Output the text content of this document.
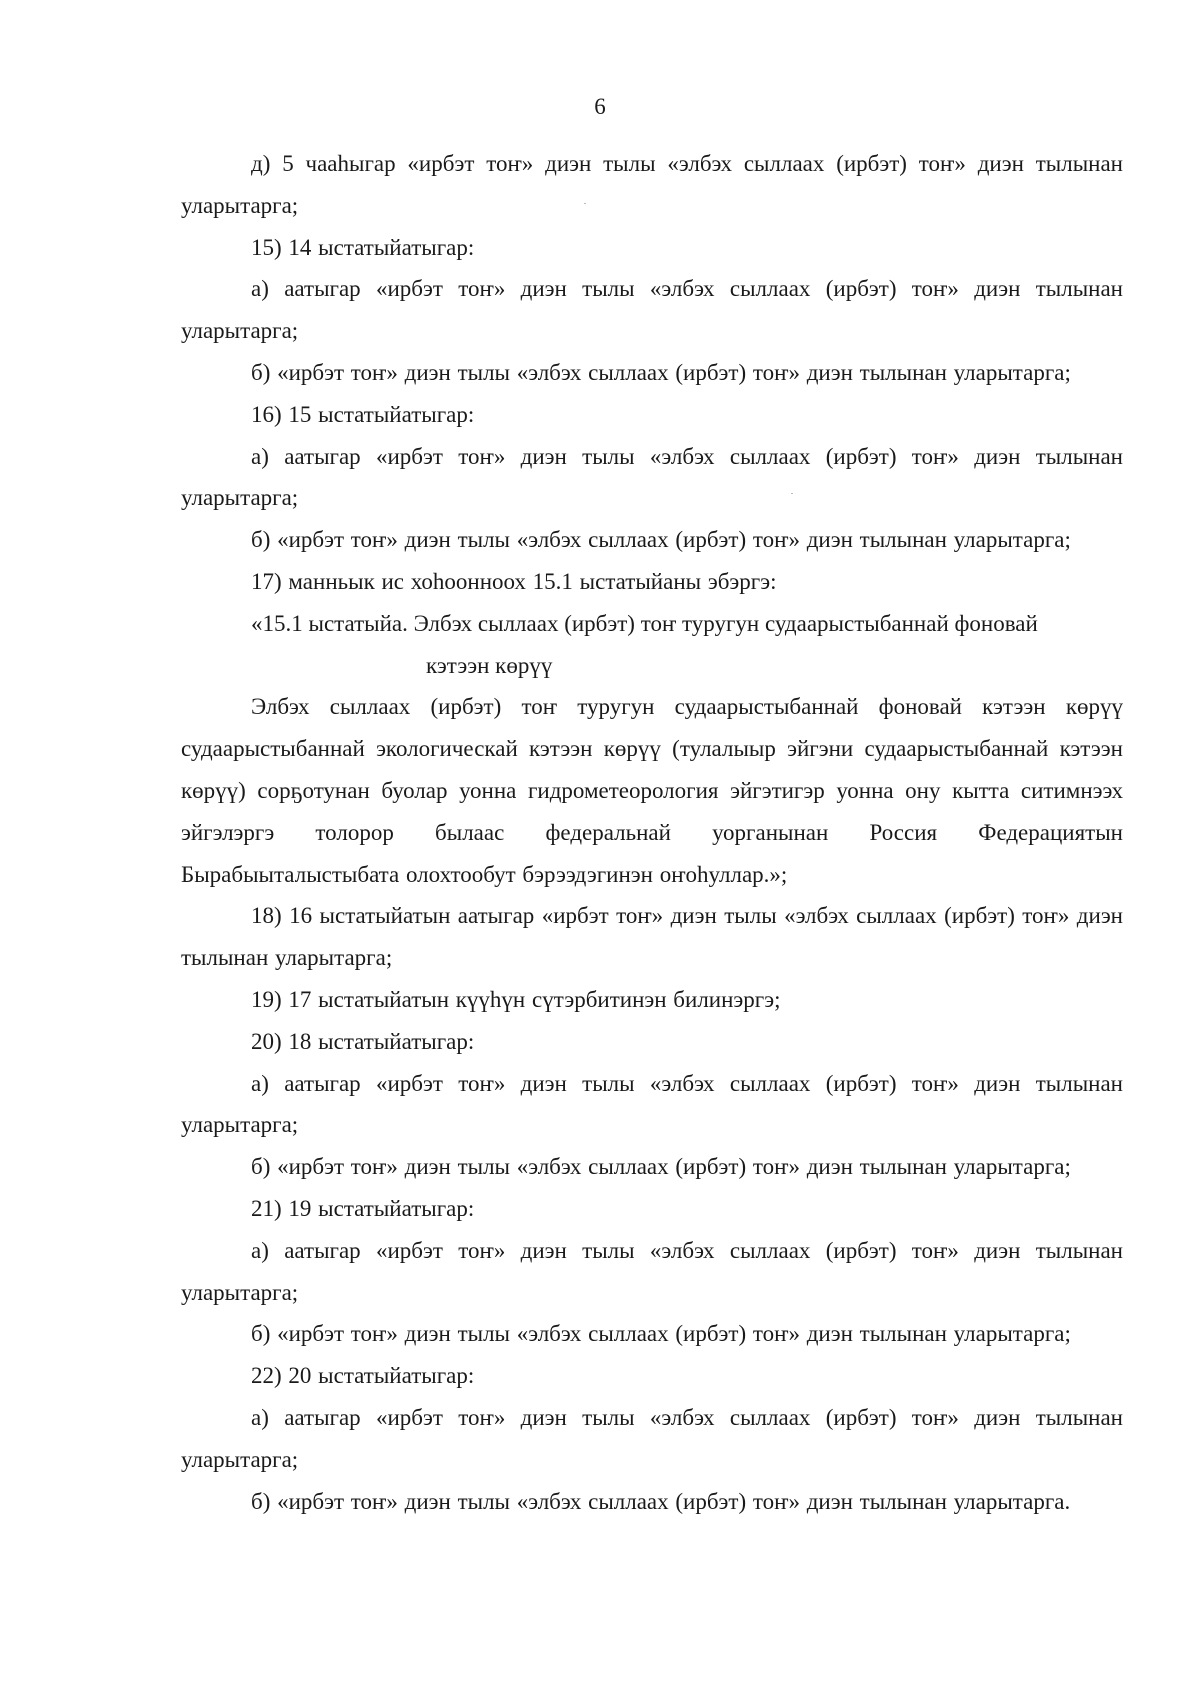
6

д) 5 чааһыгар «ирбэт тоҥ» диэн тылы «элбэх сыллаах (ирбэт) тоҥ» диэн тылынан уларытарга;

15) 14 ыстатыйатыгар:

а) аатыгар «ирбэт тоҥ» диэн тылы «элбэх сыллаах (ирбэт) тоҥ» диэн тылынан уларытарга;

б) «ирбэт тоҥ» диэн тылы «элбэх сыллаах (ирбэт) тоҥ» диэн тылынан уларытарга;

16) 15 ыстатыйатыгар:

а) аатыгар «ирбэт тоҥ» диэн тылы «элбэх сыллаах (ирбэт) тоҥ» диэн тылынан уларытарга;

б) «ирбэт тоҥ» диэн тылы «элбэх сыллаах (ирбэт) тоҥ» диэн тылынан уларытарга;

17) манньык ис хоһоонноох 15.1 ыстатыйаны эбэргэ:

«15.1 ыстатыйа. Элбэх сыллаах (ирбэт) тоҥ туругун судаарыстыбаннай фоновай
кэтээн көрүү

Элбэх сыллаах (ирбэт) тоҥ туругун судаарыстыбаннай фоновай кэтээн көрүү судаарыстыбаннай экологическай кэтээн көрүү (тулалыыр эйгэни судаарыстыбаннай кэтээн көрүү) сорҕотунан буолар уонна гидрометеорология эйгэтигэр уонна ону кытта ситимнээх эйгэлэргэ толорор былаас федеральнай уорганынан Россия Федерациятын Бырабыыталыстыбата олохтообут бэрээдэгинэн оҥоһуллар.»;

18) 16 ыстатыйатын аатыгар «ирбэт тоҥ» диэн тылы «элбэх сыллаах (ирбэт) тоҥ» диэн тылынан уларытарга;

19) 17 ыстатыйатын күүһүн сүтэрбитинэн билинэргэ;

20) 18 ыстатыйатыгар:

а) аатыгар «ирбэт тоҥ» диэн тылы «элбэх сыллаах (ирбэт) тоҥ» диэн тылынан уларытарга;

б) «ирбэт тоҥ» диэн тылы «элбэх сыллаах (ирбэт) тоҥ» диэн тылынан уларытарга;

21) 19 ыстатыйатыгар:

а) аатыгар «ирбэт тоҥ» диэн тылы «элбэх сыллаах (ирбэт) тоҥ» диэн тылынан уларытарга;

б) «ирбэт тоҥ» диэн тылы «элбэх сыллаах (ирбэт) тоҥ» диэн тылынан уларытарга;

22) 20 ыстатыйатыгар:

а) аатыгар «ирбэт тоҥ» диэн тылы «элбэх сыллаах (ирбэт) тоҥ» диэн тылынан уларытарга;

б) «ирбэт тоҥ» диэн тылы «элбэх сыллаах (ирбэт) тоҥ» диэн тылынан уларытарга.
